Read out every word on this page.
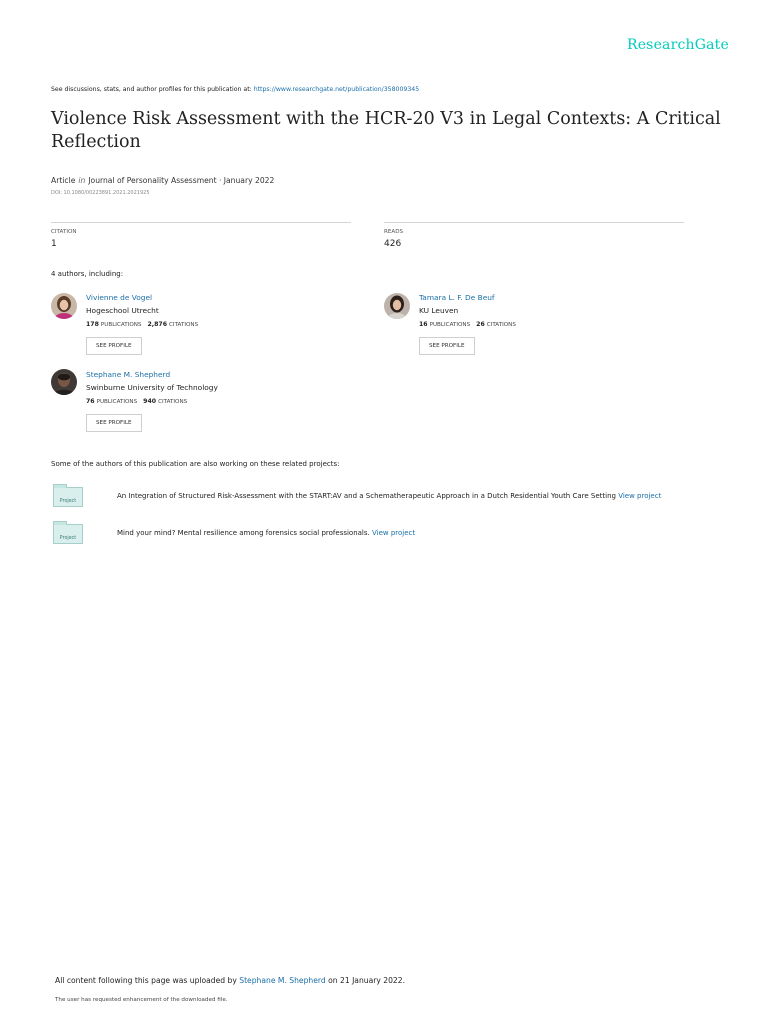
ResearchGate
See discussions, stats, and author profiles for this publication at: https://www.researchgate.net/publication/358009345
Violence Risk Assessment with the HCR-20 V3 in Legal Contexts: A Critical Reflection
Article in Journal of Personality Assessment · January 2022
DOI: 10.1080/00223891.2021.2021925
CITATION
1
READS
426
4 authors, including:
Vivienne de Vogel
Hogeschool Utrecht
178 PUBLICATIONS 2,876 CITATIONS
SEE PROFILE
Tamara L. F. De Beuf
KU Leuven
16 PUBLICATIONS 26 CITATIONS
SEE PROFILE
Stephane M. Shepherd
Swinburne University of Technology
76 PUBLICATIONS 940 CITATIONS
SEE PROFILE
Some of the authors of this publication are also working on these related projects:
Project
An Integration of Structured Risk-Assessment with the START:AV and a Schematherapeutic Approach in a Dutch Residential Youth Care Setting View project
Project
Mind your mind? Mental resilience among forensics social professionals. View project
All content following this page was uploaded by Stephane M. Shepherd on 21 January 2022.
The user has requested enhancement of the downloaded file.
